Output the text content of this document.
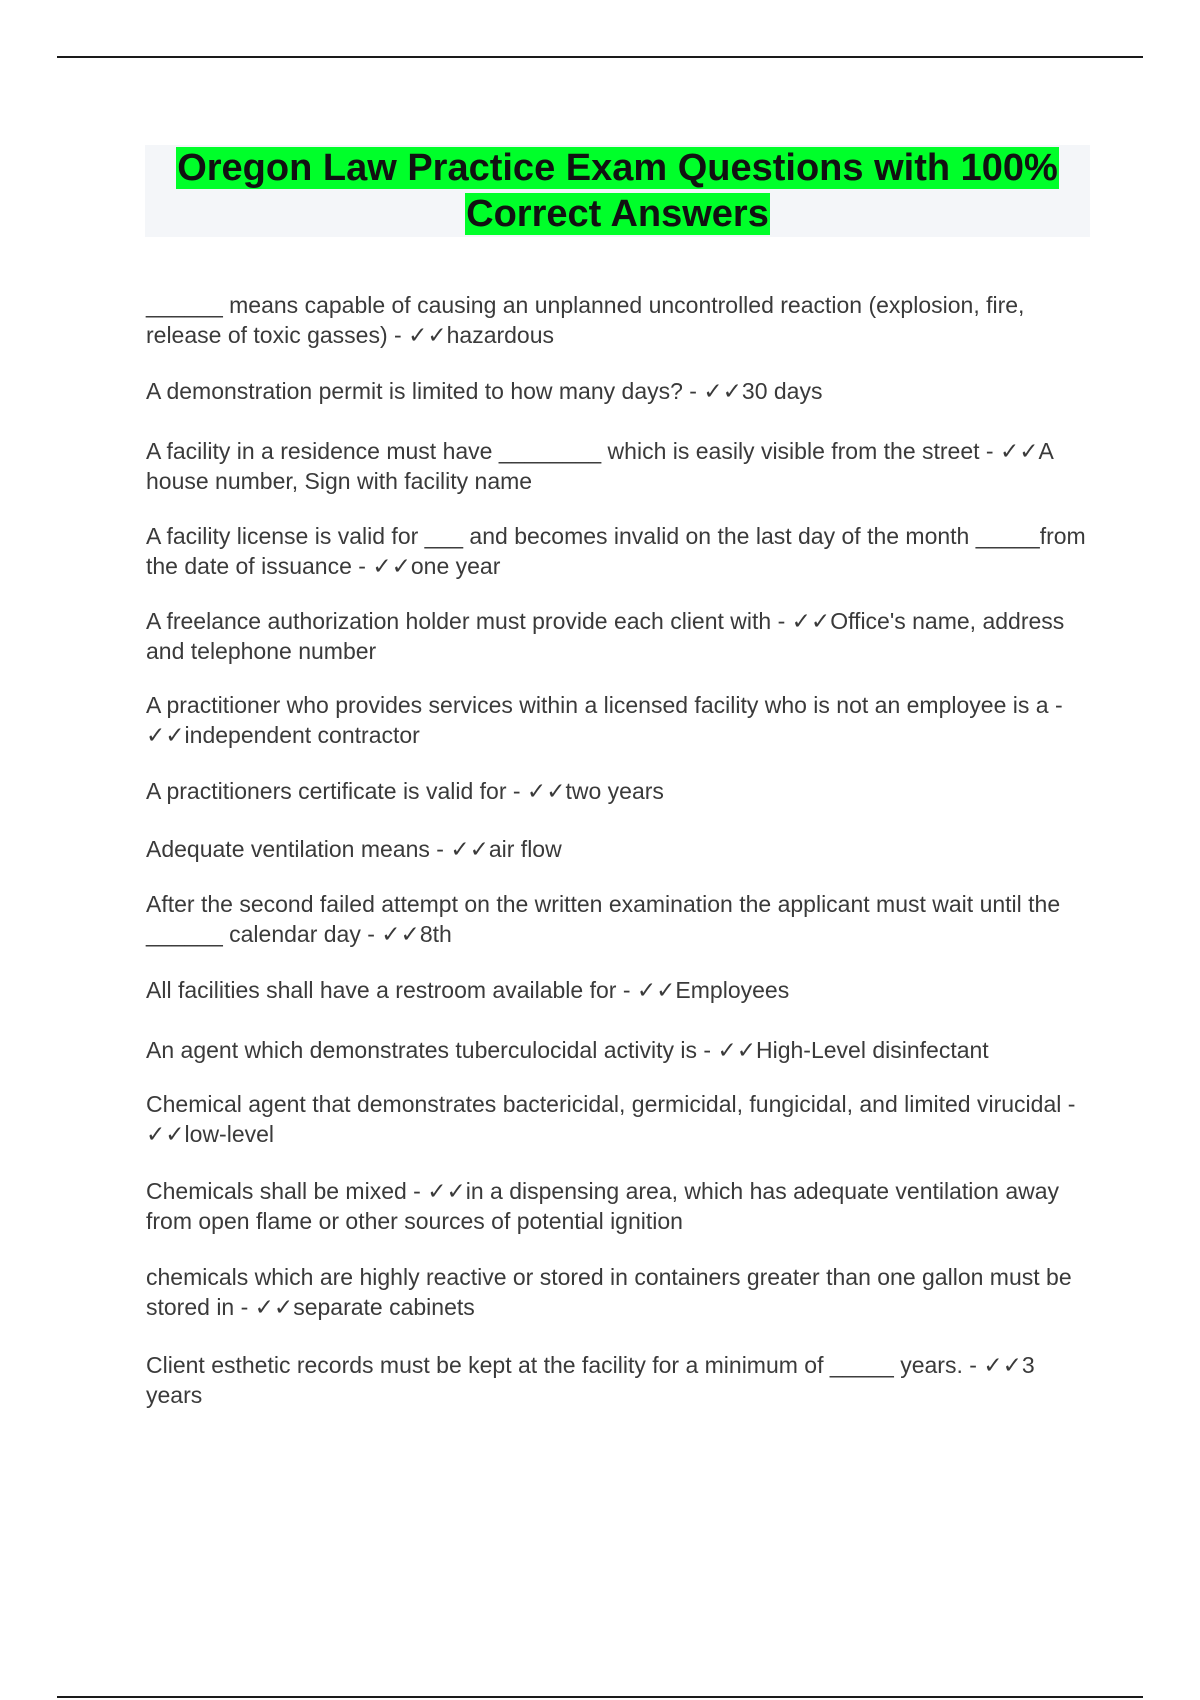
Oregon Law Practice Exam Questions with 100%
Correct Answers
______ means capable of causing an unplanned uncontrolled reaction (explosion, fire, release of toxic gasses) - ✓✓hazardous
A demonstration permit is limited to how many days? - ✓✓30 days
A facility in a residence must have ________ which is easily visible from the street - ✓✓A house number, Sign with facility name
A facility license is valid for ___ and becomes invalid on the last day of the month _____from the date of issuance - ✓✓one year
A freelance authorization holder must provide each client with - ✓✓Office's name, address and telephone number
A practitioner who provides services within a licensed facility who is not an employee is a - ✓✓independent contractor
A practitioners certificate is valid for - ✓✓two years
Adequate ventilation means - ✓✓air flow
After the second failed attempt on the written examination the applicant must wait until the ______ calendar day - ✓✓8th
All facilities shall have a restroom available for - ✓✓Employees
An agent which demonstrates tuberculocidal activity is - ✓✓High-Level disinfectant
Chemical agent that demonstrates bactericidal, germicidal, fungicidal, and limited virucidal - ✓✓low-level
Chemicals shall be mixed - ✓✓in a dispensing area, which has adequate ventilation away from open flame or other sources of potential ignition
chemicals which are highly reactive or stored in containers greater than one gallon must be stored in - ✓✓separate cabinets
Client esthetic records must be kept at the facility for a minimum of _____ years. - ✓✓3 years
